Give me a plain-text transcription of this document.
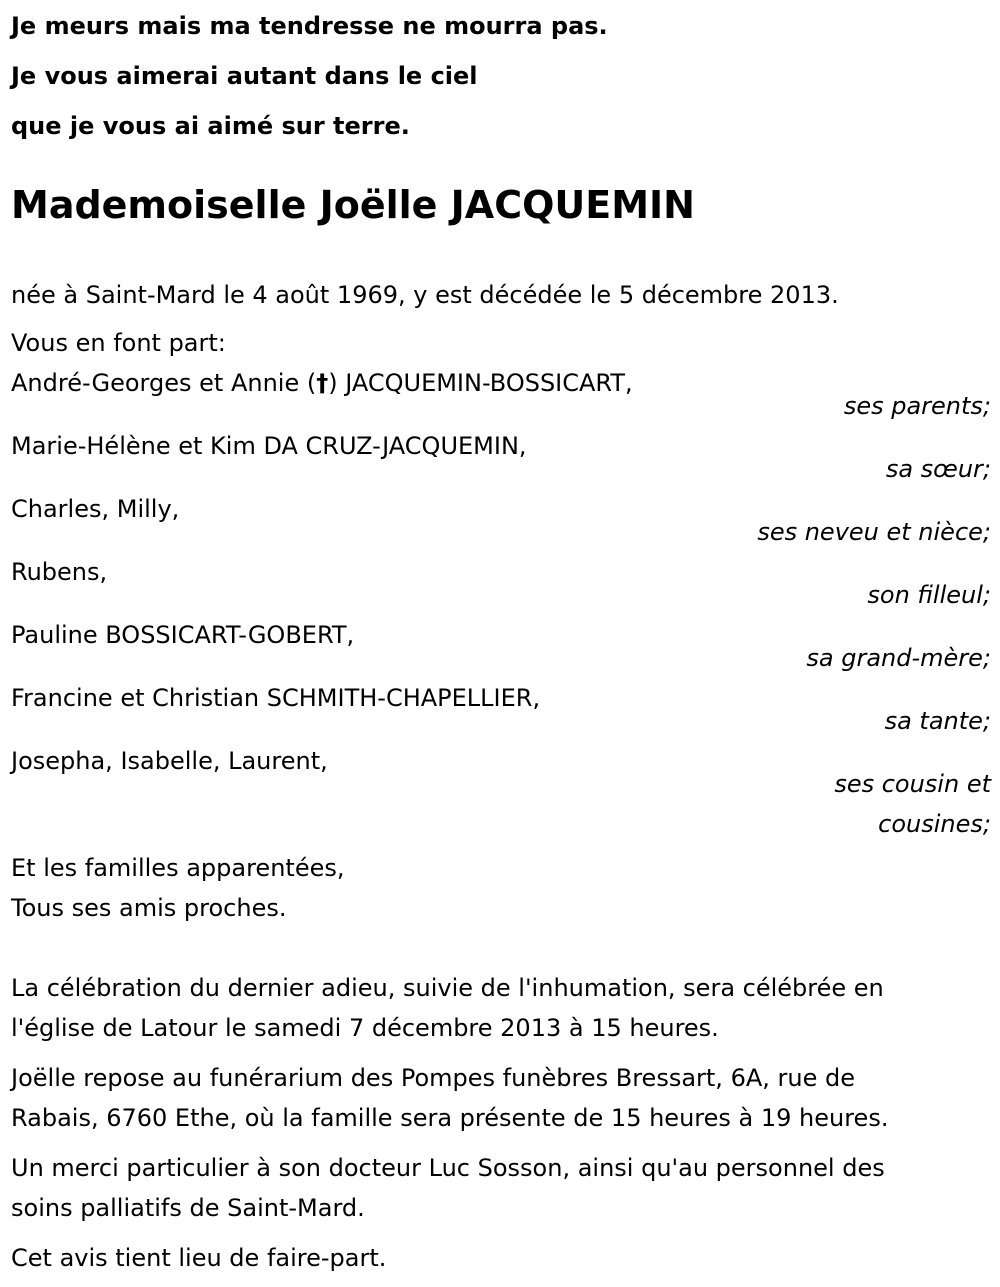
Je meurs mais ma tendresse ne mourra pas.
Je vous aimerai autant dans le ciel
que je vous ai aimé sur terre.
Mademoiselle Joëlle JACQUEMIN
née à Saint-Mard le 4 août 1969, y est décédée le 5 décembre 2013.
Vous en font part:
André-Georges et Annie (†) JACQUEMIN-BOSSICART,
ses parents;
Marie-Hélène et Kim DA CRUZ-JACQUEMIN,
sa sœur;
Charles, Milly,
ses neveu et nièce;
Rubens,
son filleul;
Pauline BOSSICART-GOBERT,
sa grand-mère;
Francine et Christian SCHMITH-CHAPELLIER,
sa tante;
Josepha, Isabelle, Laurent,
ses cousin et
cousines;
Et les familles apparentées,
Tous ses amis proches.
La célébration du dernier adieu, suivie de l'inhumation, sera célébrée en
l'église de Latour le samedi 7 décembre 2013 à 15 heures.
Joëlle repose au funérarium des Pompes funèbres Bressart, 6A, rue de
Rabais, 6760 Ethe, où la famille sera présente de 15 heures à 19 heures.
Un merci particulier à son docteur Luc Sosson, ainsi qu'au personnel des
soins palliatifs de Saint-Mard.
Cet avis tient lieu de faire-part.
